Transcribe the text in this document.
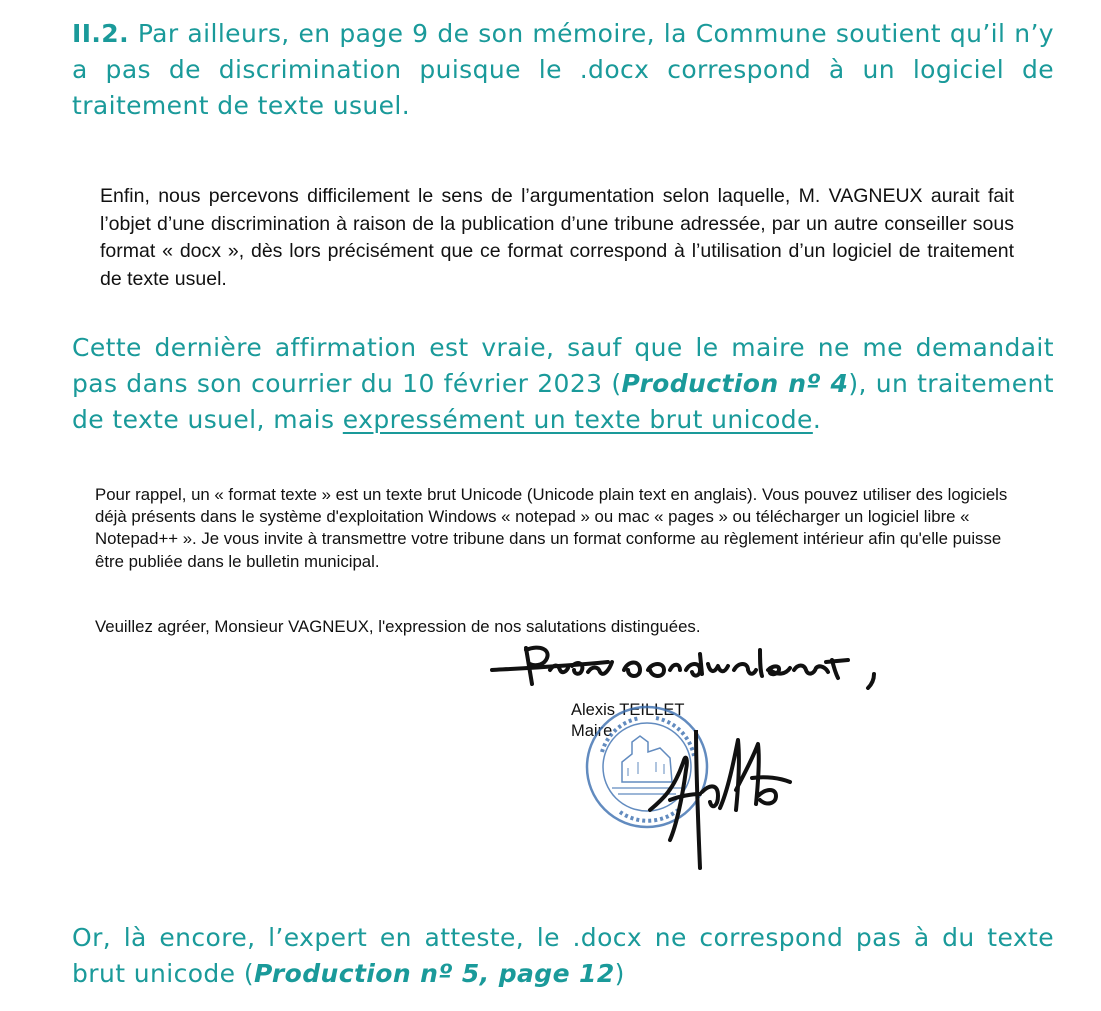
II.2. Par ailleurs, en page 9 de son mémoire, la Commune soutient qu’il n’y a pas de discrimination puisque le .docx correspond à un logiciel de traitement de texte usuel.

Enfin, nous percevons difficilement le sens de l’argumentation selon laquelle, M. VAGNEUX aurait fait l’objet d’une discrimination à raison de la publication d’une tribune adressée, par un autre conseiller sous format « docx », dès lors précisément que ce format correspond à l’utilisation d’un logiciel de traitement de texte usuel.

Cette dernière affirmation est vraie, sauf que le maire ne me demandait pas dans son courrier du 10 février 2023 (Production nº 4), un traitement de texte usuel, mais expressément un texte brut unicode.

Pour rappel, un « format texte » est un texte brut Unicode (Unicode plain text en anglais). Vous pouvez utiliser des logiciels déjà présents dans le système d'exploitation Windows « notepad » ou mac « pages » ou télécharger un logiciel libre « Notepad++ ». Je vous invite à transmettre votre tribune dans un format conforme au règlement intérieur afin qu'elle puisse être publiée dans le bulletin municipal.

Veuillez agréer, Monsieur VAGNEUX, l'expression de nos salutations distinguées.

Alexis TEILLET
Maire

Or, là encore, l’expert en atteste, le .docx ne correspond pas à du texte brut unicode (Production nº 5, page 12)
